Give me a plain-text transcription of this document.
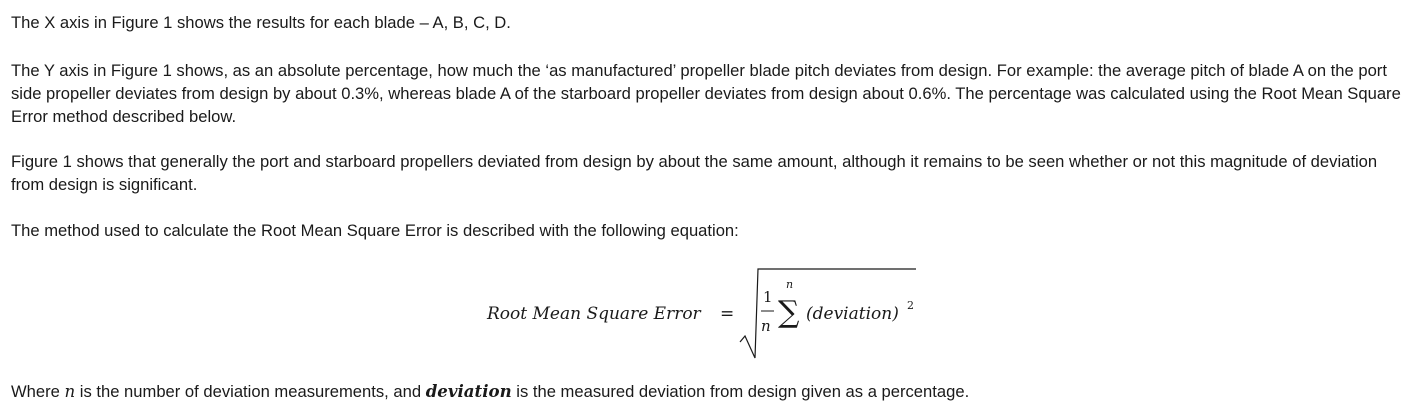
The X axis in Figure 1 shows the results for each blade – A, B, C, D.

The Y axis in Figure 1 shows, as an absolute percentage, how much the ‘as manufactured’ propeller blade pitch deviates from design. For example: the average pitch of blade A on the port side propeller deviates from design by about 0.3%, whereas blade A of the starboard propeller deviates from design about 0.6%. The percentage was calculated using the Root Mean Square Error method described below.

Figure 1 shows that generally the port and starboard propellers deviated from design by about the same amount, although it remains to be seen whether or not this magnitude of deviation from design is significant.

The method used to calculate the Root Mean Square Error is described with the following equation:

Where n is the number of deviation measurements, and deviation is the measured deviation from design given as a percentage.

Root Mean Square Error = ∑
1
n
n
(deviation) 2
